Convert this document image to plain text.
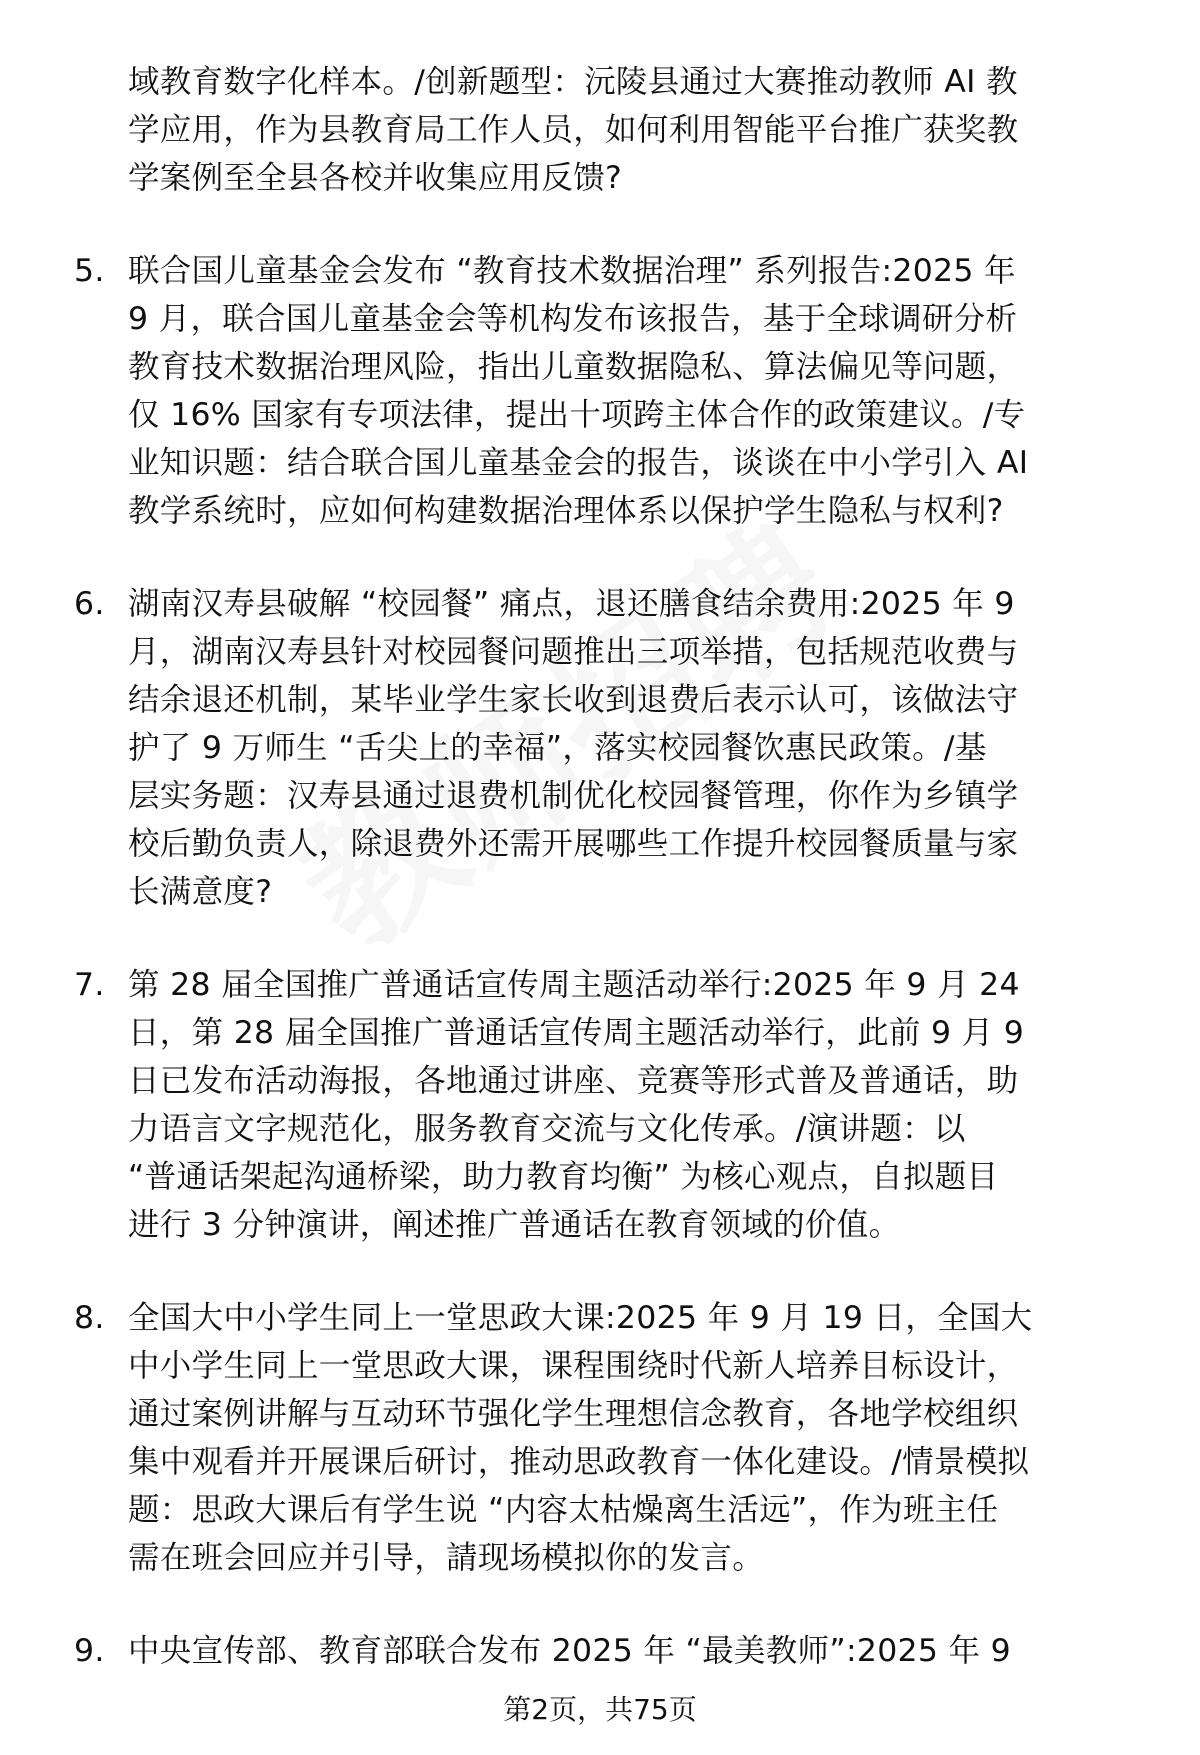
域教育数字化样本。/创新题型：沅陵县通过大赛推动教师 AI 教
学应用，作为县教育局工作人员，如何利用智能平台推广获奖教
学案例至全县各校并收集应用反馈?
5. 联合国儿童基金会发布 “教育技术数据治理” 系列报告:2025 年
9 月，联合国儿童基金会等机构发布该报告，基于全球调研分析
教育技术数据治理风险，指出儿童数据隐私、算法偏见等问题，
仅 16% 国家有专项法律，提出十项跨主体合作的政策建议。/专
业知识题：结合联合国儿童基金会的报告，谈谈在中小学引入 AI
教学系统时，应如何构建数据治理体系以保护学生隐私与权利?
6. 湖南汉寿县破解 “校园餐” 痛点，退还膳食结余费用:2025 年 9
月，湖南汉寿县针对校园餐问题推出三项举措，包括规范收费与
结余退还机制，某毕业学生家长收到退费后表示认可，该做法守
护了 9 万师生 “舌尖上的幸福”，落实校园餐饮惠民政策。/基
层实务题：汉寿县通过退费机制优化校园餐管理，你作为乡镇学
校后勤负责人，除退费外还需开展哪些工作提升校园餐质量与家
长满意度?
7. 第 28 届全国推广普通话宣传周主题活动举行:2025 年 9 月 24
日，第 28 届全国推广普通话宣传周主题活动举行，此前 9 月 9
日已发布活动海报，各地通过讲座、竞赛等形式普及普通话，助
力语言文字规范化，服务教育交流与文化传承。/演讲题：以
“普通话架起沟通桥梁，助力教育均衡” 为核心观点，自拟题目
进行 3 分钟演讲，阐述推广普通话在教育领域的价值。
8. 全国大中小学生同上一堂思政大课:2025 年 9 月 19 日，全国大
中小学生同上一堂思政大课，课程围绕时代新人培养目标设计，
通过案例讲解与互动环节强化学生理想信念教育，各地学校组织
集中观看并开展课后研讨，推动思政教育一体化建设。/情景模拟
题：思政大课后有学生说 “内容太枯燥离生活远”，作为班主任
需在班会回应并引导，請现场模拟你的发言。
9. 中央宣传部、教育部联合发布 2025 年 “最美教师”:2025 年 9
第2页，共75页
